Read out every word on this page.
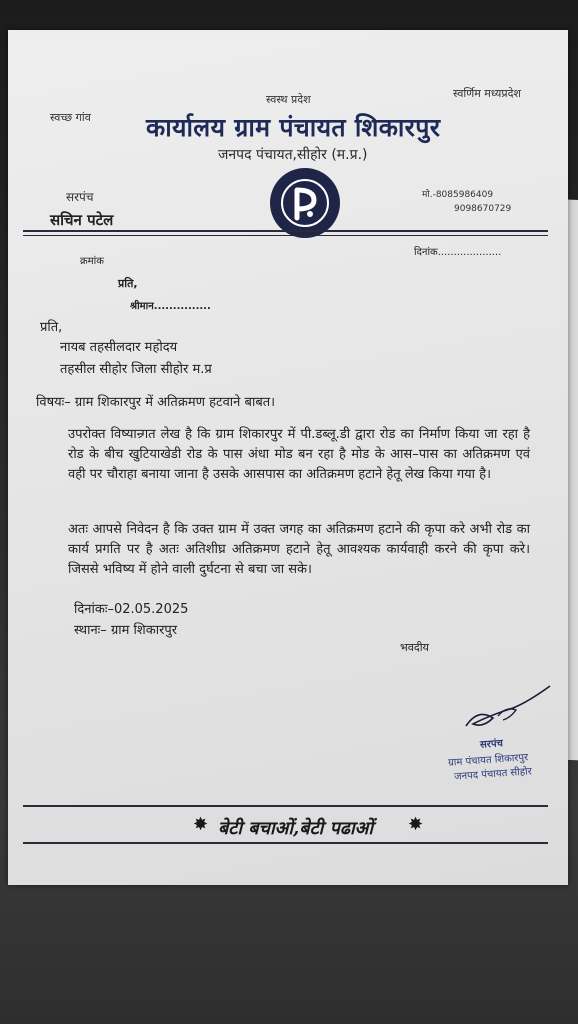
स्वच्छ गांव
स्वस्थ प्रदेश	स्वर्णिम मध्यप्रदेश
कार्यालय ग्राम पंचायत शिकारपुर
जनपद पंचायत,सीहोर (म.प्र.)
सरपंच
सचिन पटेल
मो.-8085986409
9098670729
क्रमांक
दिनांक....................
प्रति,
श्रीमान...............
प्रति,
नायब तहसीलदार महोदय
तहसील सीहोर जिला सीहोर म.प्र
विषयः– ग्राम शिकारपुर में अतिक्रमण हटवाने बाबत।
उपरोक्त विष्यान्र्गत लेख है कि ग्राम शिकारपुर में पी.डब्लू.डी द्वारा रोड का निर्माण किया जा रहा है रोड के बीच खुटियाखेडी रोड के पास अंधा मोड बन रहा है मोड के आस–पास का अतिक्रमण एवं वही पर चौराहा बनाया जाना है उसके आसपास का अतिक्रमण हटाने हेतू लेख किया गया है।
अतः आपसे निवेदन है कि उक्त ग्राम में उक्त जगह का अतिक्रमण हटाने की कृपा करे अभी रोड का कार्य प्रगति पर है अतः अतिशीघ्र अतिक्रमण हटाने हेतू आवश्यक कार्यवाही करने की कृपा करे। जिससे भविष्य में होने वाली दुर्घटना से बचा जा सके।
दिनांकः–02.05.2025
स्थानः– ग्राम शिकारपुर
भवदीय
सरपंच
ग्राम पंचायत शिकारपुर
जनपद पंचायत सीहोर
✸ बेटी बचाओं,बेटी पढाओं ✸
